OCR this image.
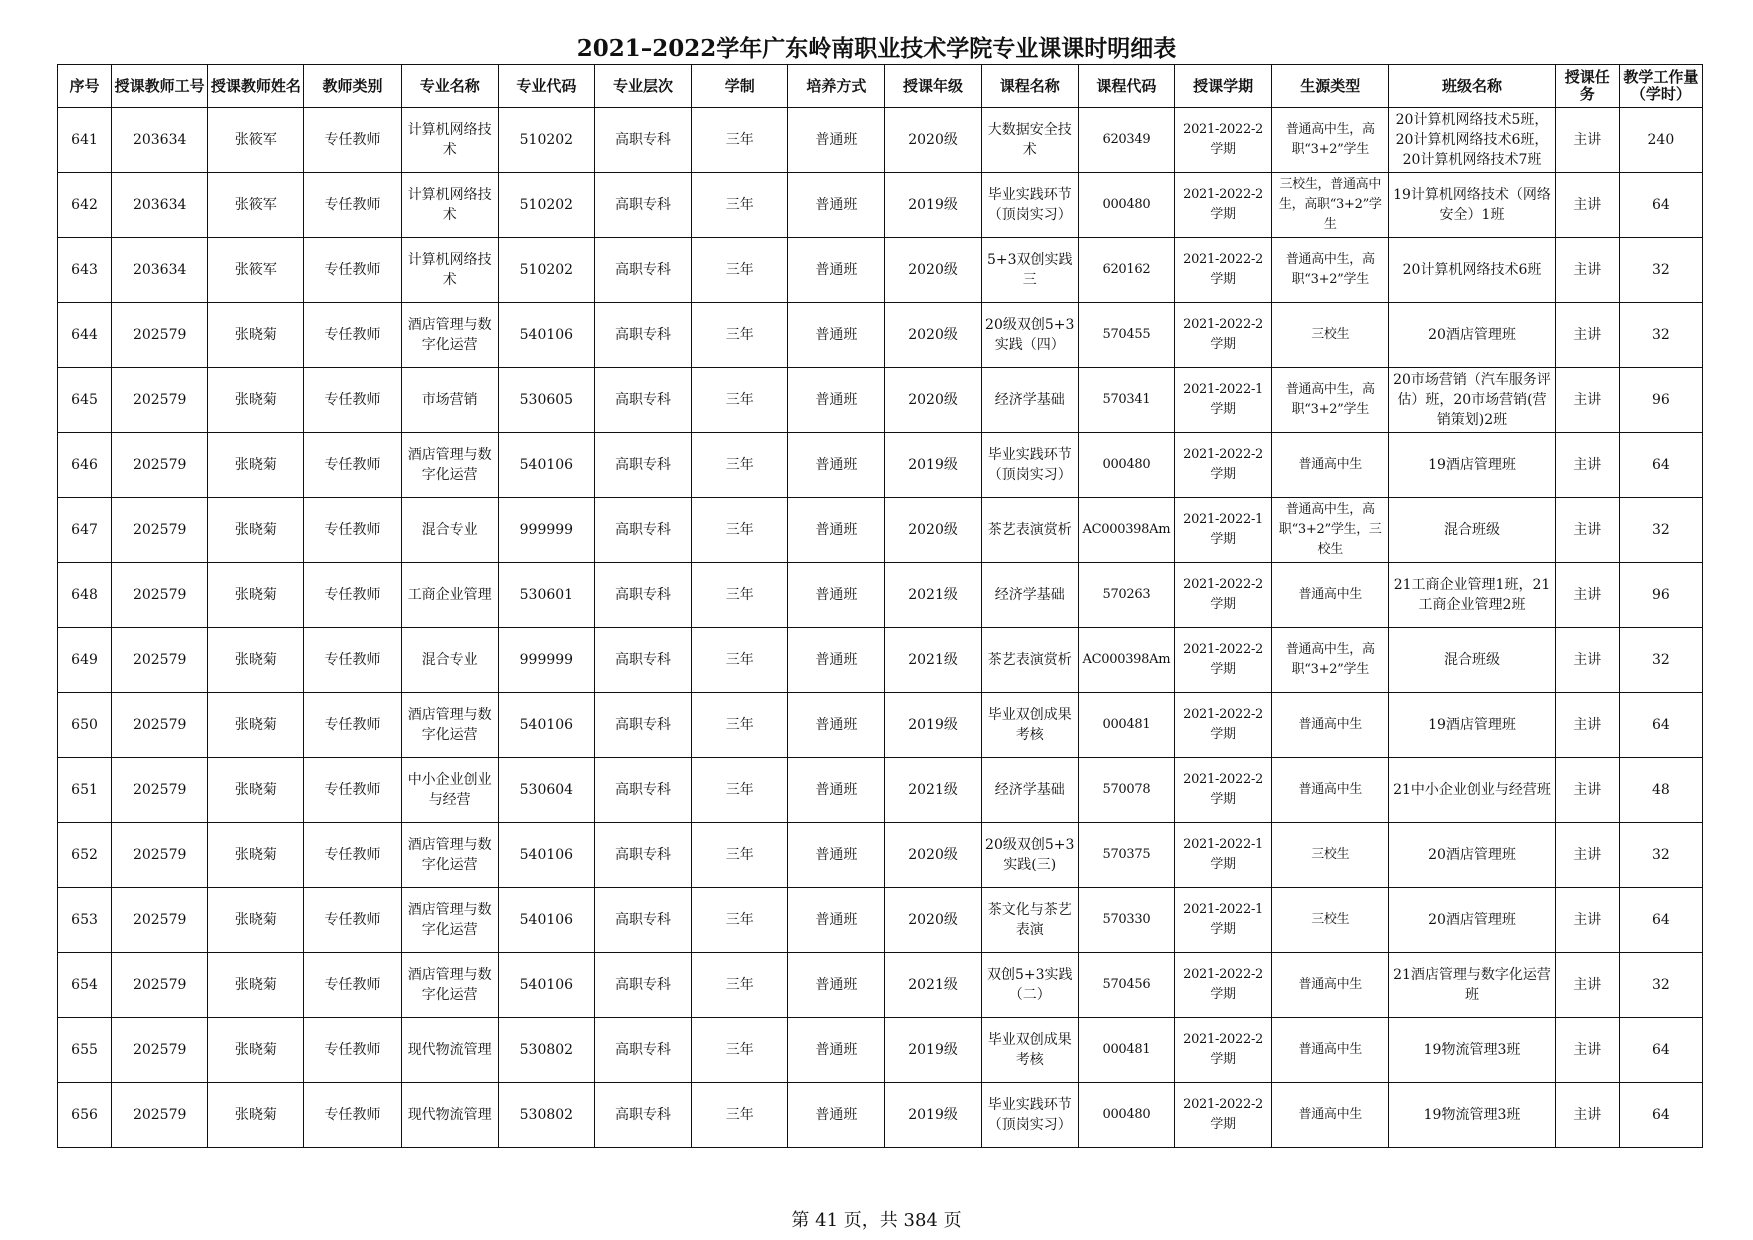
2021–2022学年广东岭南职业技术学院专业课课时明细表
序号	授课教师工号	授课教师姓名	教师类别	专业名称	专业代码	专业层次	学制	培养方式	授课年级	课程名称	课程代码	授课学期	生源类型	班级名称	授课任务	教学工作量（学时）
641	203634	张筱军	专任教师	计算机网络技术	510202	高职专科	三年	普通班	2020级	大数据安全技术	620349	2021-2022-2学期	普通高中生，高职“3+2”学生	20计算机网络技术5班，20计算机网络技术6班，20计算机网络技术7班	主讲	240
642	203634	张筱军	专任教师	计算机网络技术	510202	高职专科	三年	普通班	2019级	毕业实践环节（顶岗实习）	000480	2021-2022-2学期	三校生，普通高中生，高职“3+2”学生	19计算机网络技术（网络安全）1班	主讲	64
643	203634	张筱军	专任教师	计算机网络技术	510202	高职专科	三年	普通班	2020级	5+3双创实践三	620162	2021-2022-2学期	普通高中生，高职“3+2”学生	20计算机网络技术6班	主讲	32
644	202579	张晓菊	专任教师	酒店管理与数字化运营	540106	高职专科	三年	普通班	2020级	20级双创5+3实践（四）	570455	2021-2022-2学期	三校生	20酒店管理班	主讲	32
645	202579	张晓菊	专任教师	市场营销	530605	高职专科	三年	普通班	2020级	经济学基础	570341	2021-2022-1学期	普通高中生，高职“3+2”学生	20市场营销（汽车服务评估）班，20市场营销(营销策划)2班	主讲	96
646	202579	张晓菊	专任教师	酒店管理与数字化运营	540106	高职专科	三年	普通班	2019级	毕业实践环节（顶岗实习）	000480	2021-2022-2学期	普通高中生	19酒店管理班	主讲	64
647	202579	张晓菊	专任教师	混合专业	999999	高职专科	三年	普通班	2020级	茶艺表演赏析	AC000398Am	2021-2022-1学期	普通高中生，高职“3+2”学生，三校生	混合班级	主讲	32
648	202579	张晓菊	专任教师	工商企业管理	530601	高职专科	三年	普通班	2021级	经济学基础	570263	2021-2022-2学期	普通高中生	21工商企业管理1班，21工商企业管理2班	主讲	96
649	202579	张晓菊	专任教师	混合专业	999999	高职专科	三年	普通班	2021级	茶艺表演赏析	AC000398Am	2021-2022-2学期	普通高中生，高职“3+2”学生	混合班级	主讲	32
650	202579	张晓菊	专任教师	酒店管理与数字化运营	540106	高职专科	三年	普通班	2019级	毕业双创成果考核	000481	2021-2022-2学期	普通高中生	19酒店管理班	主讲	64
651	202579	张晓菊	专任教师	中小企业创业与经营	530604	高职专科	三年	普通班	2021级	经济学基础	570078	2021-2022-2学期	普通高中生	21中小企业创业与经营班	主讲	48
652	202579	张晓菊	专任教师	酒店管理与数字化运营	540106	高职专科	三年	普通班	2020级	20级双创5+3实践(三)	570375	2021-2022-1学期	三校生	20酒店管理班	主讲	32
653	202579	张晓菊	专任教师	酒店管理与数字化运营	540106	高职专科	三年	普通班	2020级	茶文化与茶艺表演	570330	2021-2022-1学期	三校生	20酒店管理班	主讲	64
654	202579	张晓菊	专任教师	酒店管理与数字化运营	540106	高职专科	三年	普通班	2021级	双创5+3实践（二）	570456	2021-2022-2学期	普通高中生	21酒店管理与数字化运营班	主讲	32
655	202579	张晓菊	专任教师	现代物流管理	530802	高职专科	三年	普通班	2019级	毕业双创成果考核	000481	2021-2022-2学期	普通高中生	19物流管理3班	主讲	64
656	202579	张晓菊	专任教师	现代物流管理	530802	高职专科	三年	普通班	2019级	毕业实践环节（顶岗实习）	000480	2021-2022-2学期	普通高中生	19物流管理3班	主讲	64
第 41 页，共 384 页
